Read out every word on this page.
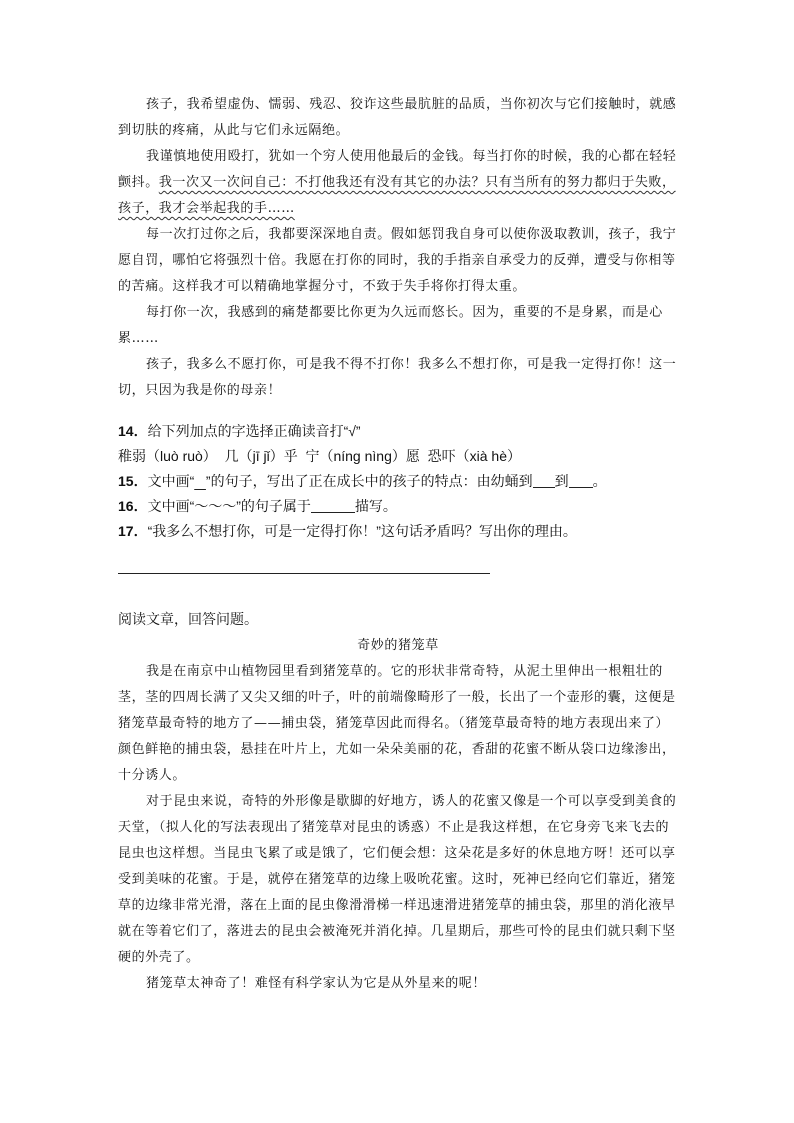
孩子，我希望虚伪、懦弱、残忍、狡诈这些最肮脏的品质，当你初次与它们接触时，就感到切肤的疼痛，从此与它们永远隔绝。

我谨慎地使用殴打，犹如一个穷人使用他最后的金钱。每当打你的时候，我的心都在轻轻颤抖。我一次又一次问自己：不打他我还有没有其它的办法？只有当所有的努力都归于失败，孩子，我才会举起我的手……

每一次打过你之后，我都要深深地自责。假如惩罚我自身可以使你汲取教训，孩子，我宁愿自罚，哪怕它将强烈十倍。我愿在打你的同时，我的手指亲自承受力的反弹，遭受与你相等的苦痛。这样我才可以精确地掌握分寸，不致于失手将你打得太重。

每打你一次，我感到的痛楚都要比你更为久远而悠长。因为，重要的不是身累，而是心累……

孩子，我多么不愿打你，可是我不得不打你！我多么不想打你，可是我一定得打你！这一切，只因为我是你的母亲！

14．给下列加点的字选择正确读音打“√”

稚弱（luò ruò）  几（jī jǐ）乎  宁（níng nìng）愿  恐吓（xià hè）

15．文中画“ ”的句子，写出了正在成长中的孩子的特点：由幼蛹到 到 。

16．文中画“～～～”的句子属于	描写。

17．“我多么不想打你，可是一定得打你！”这句话矛盾吗？写出你的理由。

阅读文章，回答问题。

奇妙的猪笼草

我是在南京中山植物园里看到猪笼草的。它的形状非常奇特，从泥土里伸出一根粗壮的茎，茎的四周长满了又尖又细的叶子，叶的前端像畸形了一般，长出了一个壶形的囊，这便是猪笼草最奇特的地方了——捕虫袋，猪笼草因此而得名。（猪笼草最奇特的地方表现出来了）颜色鲜艳的捕虫袋，悬挂在叶片上，尤如一朵朵美丽的花，香甜的花蜜不断从袋口边缘渗出，十分诱人。

对于昆虫来说，奇特的外形像是歇脚的好地方，诱人的花蜜又像是一个可以享受到美食的天堂，（拟人化的写法表现出了猪笼草对昆虫的诱惑）不止是我这样想，在它身旁飞来飞去的昆虫也这样想。当昆虫飞累了或是饿了，它们便会想：这朵花是多好的休息地方呀！还可以享受到美味的花蜜。于是，就停在猪笼草的边缘上吸吮花蜜。这时，死神已经向它们靠近，猪笼草的边缘非常光滑，落在上面的昆虫像滑滑梯一样迅速滑进猪笼草的捕虫袋，那里的消化液早就在等着它们了，落进去的昆虫会被淹死并消化掉。几星期后，那些可怜的昆虫们就只剩下坚硬的外壳了。

猪笼草太神奇了！难怪有科学家认为它是从外星来的呢！
